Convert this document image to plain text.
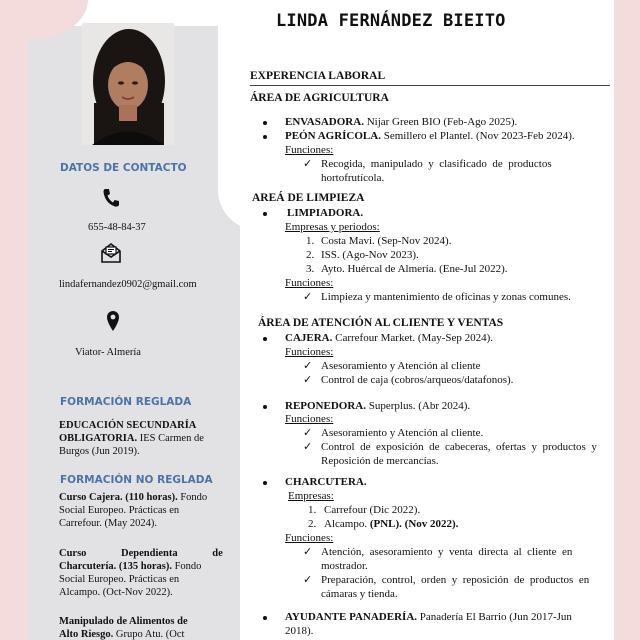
DATOS DE CONTACTO
655-48-84-37
lindafernandez0902@gmail.com
Viator- Almería
FORMACIÓN REGLADA
EDUCACIÓN SECUNDARÍA
OBLIGATORIA. IES Carmen de
Burgos (Jun 2019).
FORMACIÓN NO REGLADA
Curso Cajera. (110 horas). Fondo
Social Europeo. Prácticas en
Carrefour. (May 2024).
Curso Dependienta de
Charcutería. (135 horas). Fondo
Social Europeo. Prácticas en
Alcampo. (Oct-Nov 2022).
Manipulado de Alimentos de
Alto Riesgo. Grupo Atu. (Oct
LINDA FERNÁNDEZ BIEITO
EXPERENCIA LABORAL
ÁREA DE AGRICULTURA
ENVASADORA. Nijar Green BIO (Feb-Ago 2025).
PEÓN AGRÍCOLA. Semillero el Plantel. (Nov 2023-Feb 2024).
Funciones:
✓ Recogida,  manipulado  y  clasificado  de  productos
hortofrutícola.
AREÁ DE LIMPIEZA
LIMPIADORA.
Empresas y periodos:
1. Costa Mavi. (Sep-Nov 2024).
2. ISS. (Ago-Nov 2023).
3. Ayto. Huércal de Almería. (Ene-Jul 2022).
Funciones:
✓ Limpieza y mantenimiento de oficinas y zonas comunes.
ÁREA DE ATENCIÓN AL CLIENTE Y VENTAS
CAJERA. Carrefour Market. (May-Sep 2024).
Funciones:
✓ Asesoramiento y Atención al cliente
✓ Control de caja (cobros/arqueos/datafonos).
REPONEDORA. Superplus. (Abr 2024).
Funciones:
✓ Asesoramiento y Atención al cliente.
✓ Control  de  exposición  de  cabeceras,  ofertas  y  productos  y
Reposición de mercancías.
CHARCUTERA.
Empresas:
1. Carrefour (Dic 2022).
2. Alcampo. (PNL). (Nov 2022).
Funciones:
✓ Atención,  asesoramiento  y  venta  directa  al  cliente  en
mostrador.
✓ Preparación,  control,  orden  y  reposición  de  productos  en
cámaras y tienda.
AYUDANTE PANADERÍA. Panadería El Barrio (Jun 2017-Jun
2018).
